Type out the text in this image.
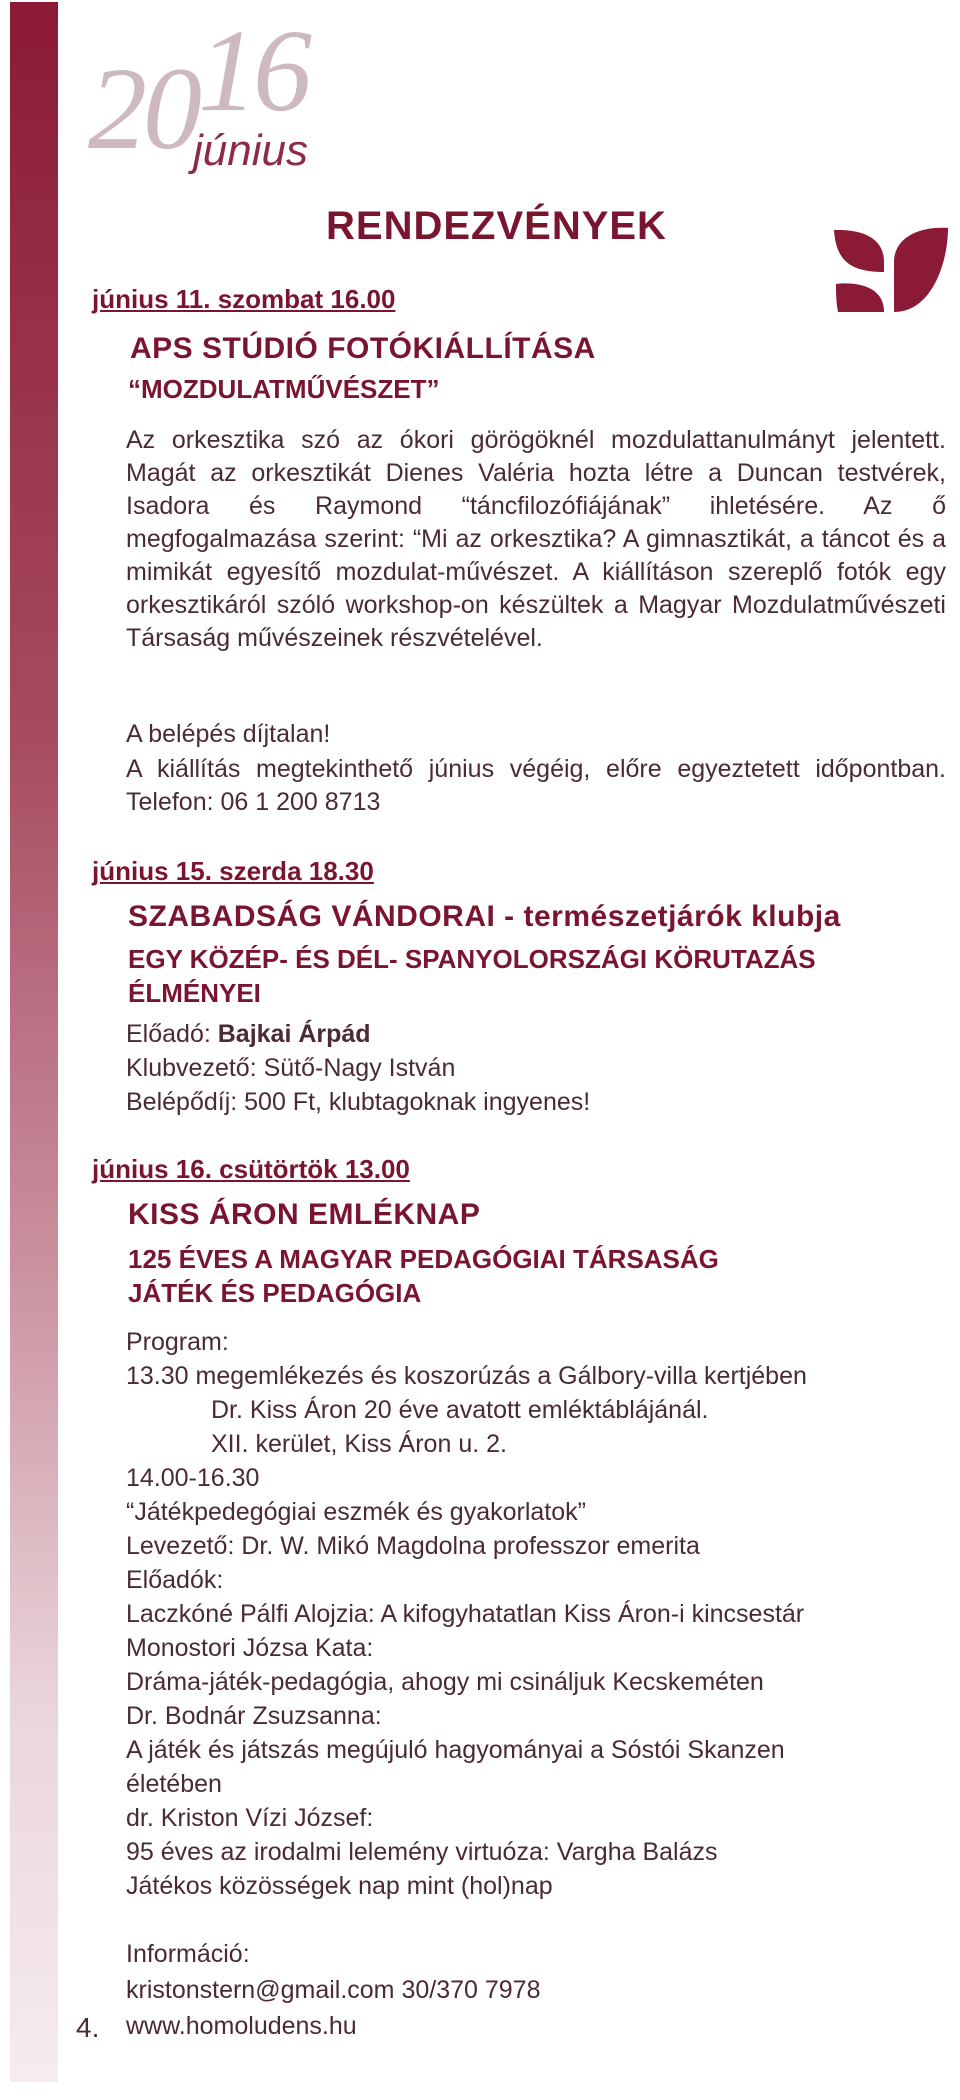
2016
június
RENDEZVÉNYEK
június 11. szombat 16.00
APS STÚDIÓ FOTÓKIÁLLÍTÁSA
“MOZDULATMŰVÉSZET”
Az orkesztika szó az ókori görögöknél mozdulattanulmányt jelentett. Magát az orkesztikát Dienes Valéria hozta létre a Duncan testvérek, Isadora és Raymond “táncfilozófiájának” ihletésére. Az ő megfogalmazása szerint: “Mi az orkesztika? A gimnasztikát, a táncot és a mimikát egyesítő mozdulat-művészet. A kiállításon szereplő fotók egy orkesztikáról szóló workshop-on készültek a Magyar Mozdulatművészeti Társaság művészeinek részvételével.
A belépés díjtalan!
A kiállítás megtekinthető június végéig, előre egyeztetett időpontban. Telefon: 06 1 200 8713
június 15. szerda 18.30
SZABADSÁG VÁNDORAI - természetjárók klubja
EGY KÖZÉP- ÉS DÉL- SPANYOLORSZÁGI KÖRUTAZÁS
ÉLMÉNYEI
Előadó: Bajkai Árpád
Klubvezető: Sütő-Nagy István
Belépődíj: 500 Ft, klubtagoknak ingyenes!
június 16. csütörtök 13.00
KISS ÁRON EMLÉKNAP
125 ÉVES A MAGYAR PEDAGÓGIAI TÁRSASÁG
JÁTÉK ÉS PEDAGÓGIA
Program:
13.30 megemlékezés és koszorúzás a Gálbory-villa kertjében
Dr. Kiss Áron 20 éve avatott emléktáblájánál.
XII. kerület, Kiss Áron u. 2.
14.00-16.30
“Játékpedegógiai eszmék és gyakorlatok”
Levezető: Dr. W. Mikó Magdolna professzor emerita
Előadók:
Laczkóné Pálfi Alojzia: A kifogyhatatlan Kiss Áron-i kincsestár
Monostori Józsa Kata:
Dráma-játék-pedagógia, ahogy mi csináljuk Kecskeméten
Dr. Bodnár Zsuzsanna:
A játék és játszás megújuló hagyományai a Sóstói Skanzen
életében
dr. Kriston Vízi József:
95 éves az irodalmi lelemény virtuóza: Vargha Balázs
Játékos közösségek nap mint (hol)nap
Információ:
kristonstern@gmail.com 30/370 7978
www.homoludens.hu
4.
